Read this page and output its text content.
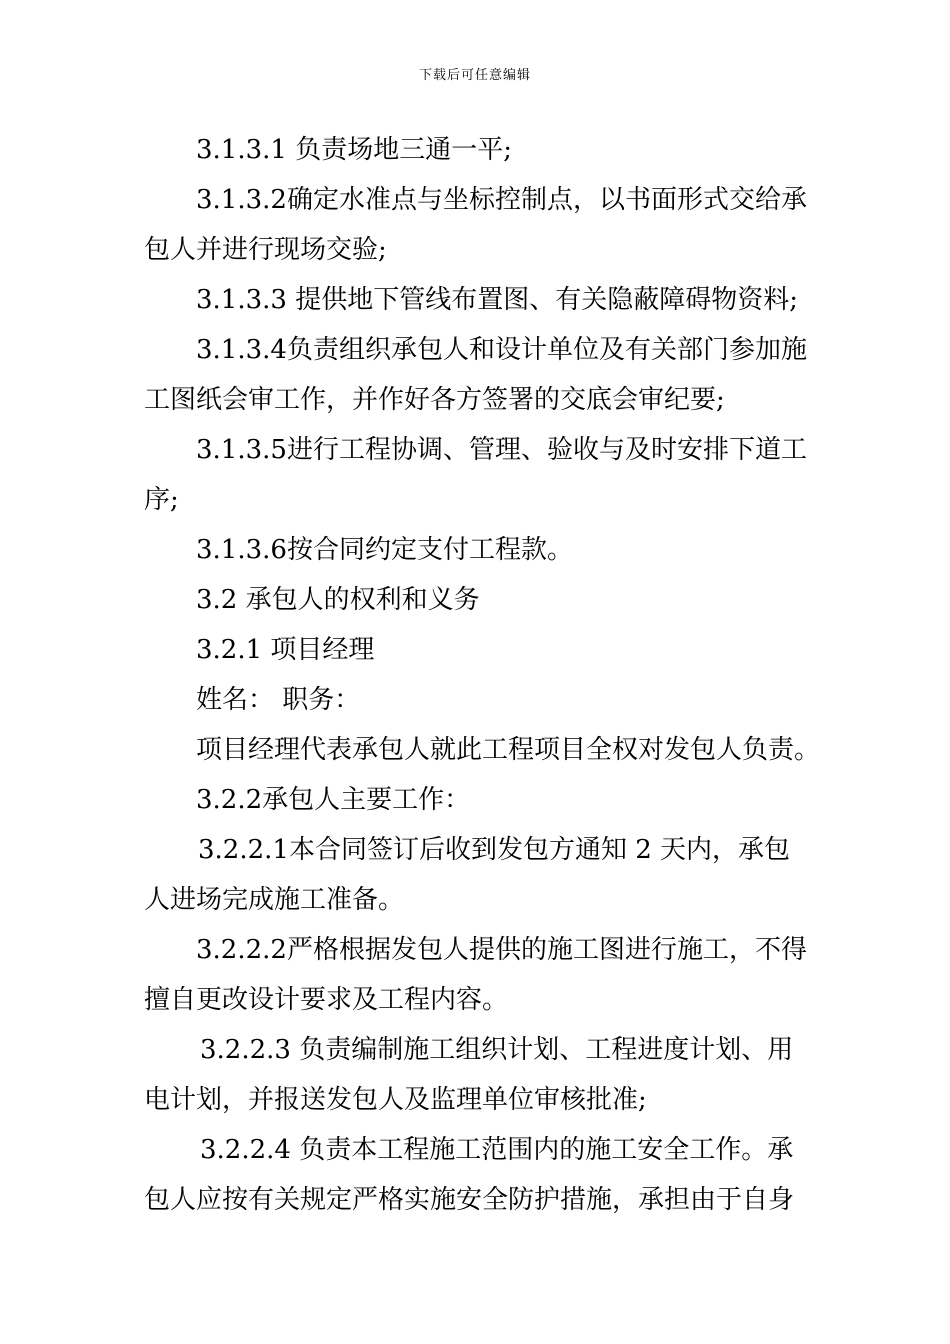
下载后可任意编辑
3.1.3.1 负责场地三通一平;
3.1.3.2确定水准点与坐标控制点，以书面形式交给承
包人并进行现场交验;
3.1.3.3 提供地下管线布置图、有关隐蔽障碍物资料;
3.1.3.4负责组织承包人和设计单位及有关部门参加施
工图纸会审工作，并作好各方签署的交底会审纪要;
3.1.3.5进行工程协调、管理、验收与及时安排下道工
序;
3.1.3.6按合同约定支付工程款。
3.2 承包人的权利和义务
3.2.1 项目经理
姓名： 职务：
项目经理代表承包人就此工程项目全权对发包人负责。
3.2.2承包人主要工作：
3.2.2.1本合同签订后收到发包方通知 2 天内，承包
人进场完成施工准备。
3.2.2.2严格根据发包人提供的施工图进行施工，不得
擅自更改设计要求及工程内容。
3.2.2.3 负责编制施工组织计划、工程进度计划、用
电计划，并报送发包人及监理单位审核批准;
3.2.2.4 负责本工程施工范围内的施工安全工作。承
包人应按有关规定严格实施安全防护措施，承担由于自身
